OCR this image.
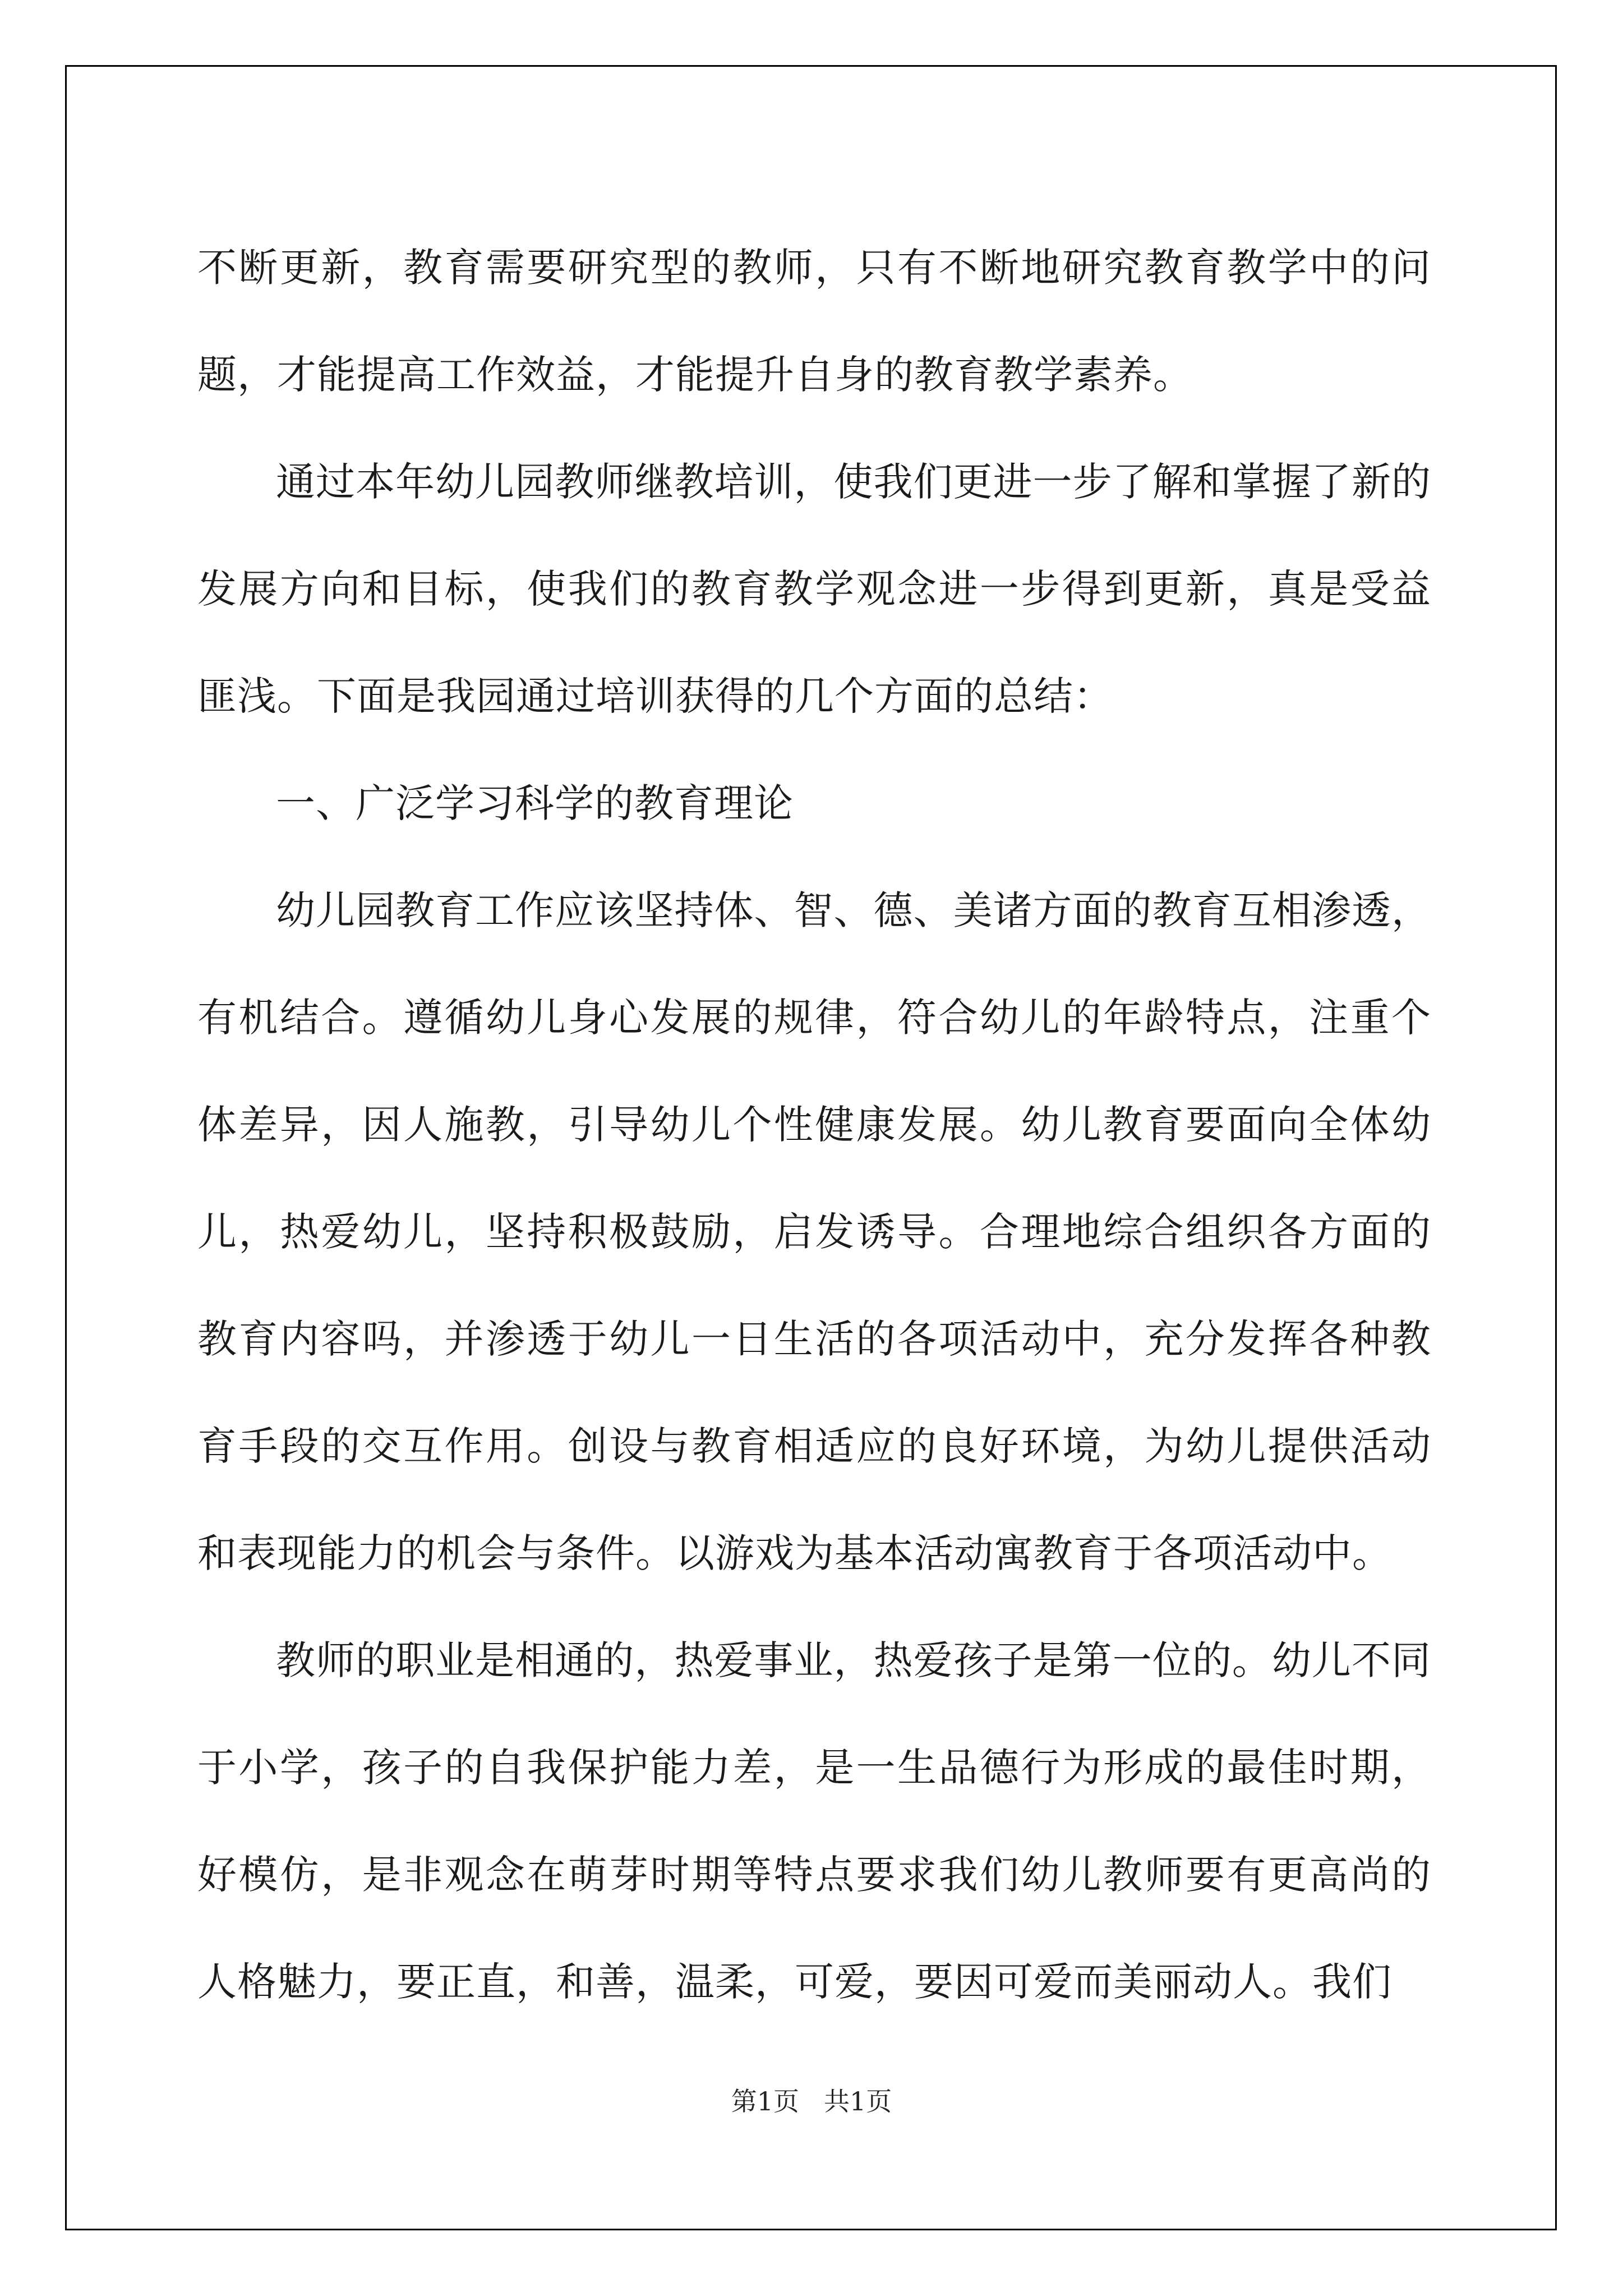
不断更新，教育需要研究型的教师，只有不断地研究教育教学中的问题，才能提高工作效益，才能提升自身的教育教学素养。

通过本年幼儿园教师继教培训，使我们更进一步了解和掌握了新的发展方向和目标，使我们的教育教学观念进一步得到更新，真是受益匪浅。下面是我园通过培训获得的几个方面的总结：

一、广泛学习科学的教育理论

幼儿园教育工作应该坚持体、智、德、美诸方面的教育互相渗透，有机结合。遵循幼儿身心发展的规律，符合幼儿的年龄特点，注重个体差异，因人施教，引导幼儿个性健康发展。幼儿教育要面向全体幼儿，热爱幼儿，坚持积极鼓励，启发诱导。合理地综合组织各方面的教育内容吗，并渗透于幼儿一日生活的各项活动中，充分发挥各种教育手段的交互作用。创设与教育相适应的良好环境，为幼儿提供活动和表现能力的机会与条件。以游戏为基本活动寓教育于各项活动中。

教师的职业是相通的，热爱事业，热爱孩子是第一位的。幼儿不同于小学，孩子的自我保护能力差，是一生品德行为形成的最佳时期，好模仿，是非观念在萌芽时期等特点要求我们幼儿教师要有更高尚的人格魅力，要正直，和善，温柔，可爱，要因可爱而美丽动人。我们

第1页 共1页
